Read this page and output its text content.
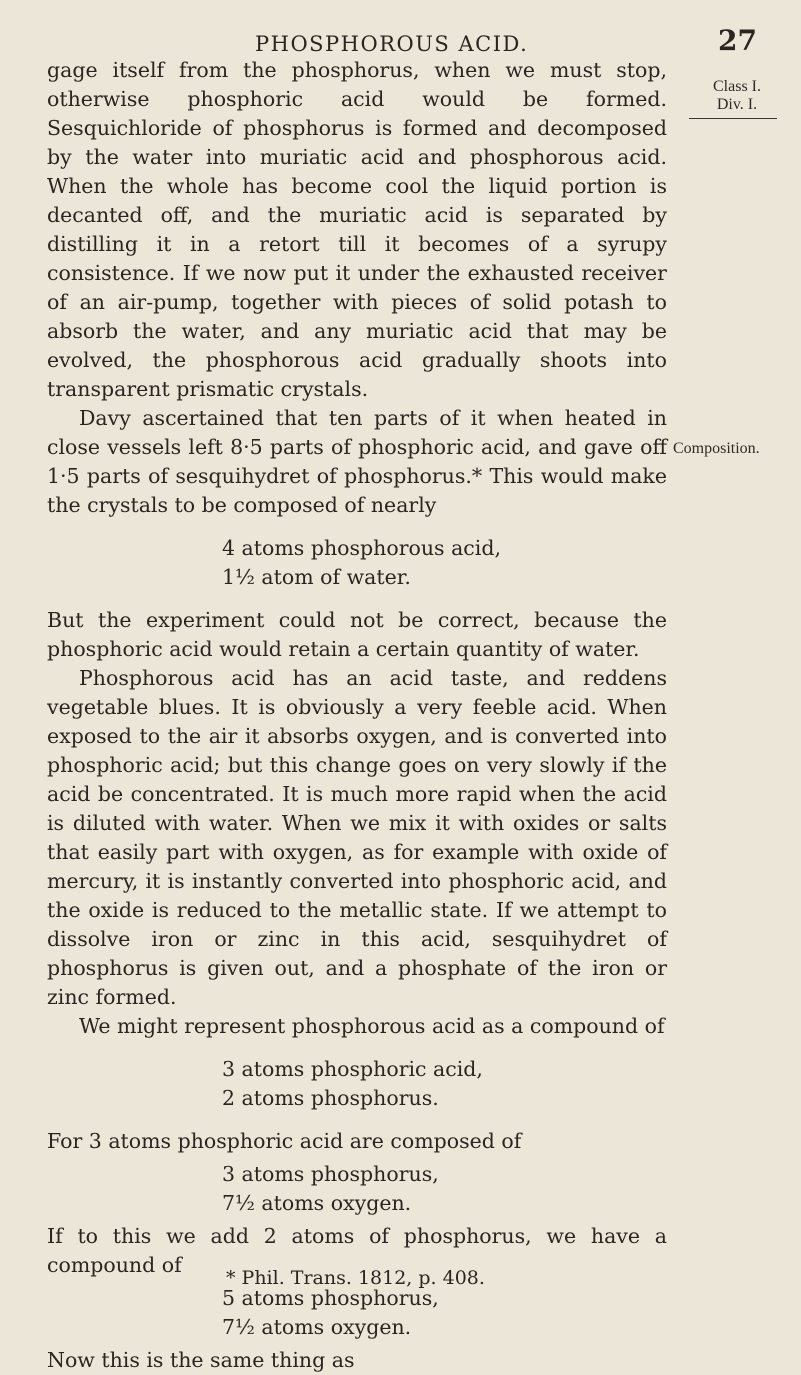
PHOSPHOROUS ACID.	27
Class I.
Div. I.
Composition.

gage itself from the phosphorus, when we must stop, otherwise phosphoric acid would be formed. Sesquichloride of phosphorus is formed and decomposed by the water into muriatic acid and phosphorous acid. When the whole has become cool the liquid portion is decanted off, and the muriatic acid is separated by distilling it in a retort till it becomes of a syrupy consistence. If we now put it under the exhausted receiver of an air-pump, together with pieces of solid potash to absorb the water, and any muriatic acid that may be evolved, the phosphorous acid gradually shoots into transparent prismatic crystals.

Davy ascertained that ten parts of it when heated in close vessels left 8·5 parts of phosphoric acid, and gave off 1·5 parts of sesquihydret of phosphorus.* This would make the crystals to be composed of nearly

4 atoms phosphorous acid,
1½ atom of water.

But the experiment could not be correct, because the phosphoric acid would retain a certain quantity of water.

Phosphorous acid has an acid taste, and reddens vegetable blues. It is obviously a very feeble acid. When exposed to the air it absorbs oxygen, and is converted into phosphoric acid; but this change goes on very slowly if the acid be concentrated. It is much more rapid when the acid is diluted with water. When we mix it with oxides or salts that easily part with oxygen, as for example with oxide of mercury, it is instantly converted into phosphoric acid, and the oxide is reduced to the metallic state. If we attempt to dissolve iron or zinc in this acid, sesquihydret of phosphorus is given out, and a phosphate of the iron or zinc formed.

We might represent phosphorous acid as a compound of

3 atoms phosphoric acid,
2 atoms phosphorus.

For 3 atoms phosphoric acid are composed of

3 atoms phosphorus,
7½ atoms oxygen.

If to this we add 2 atoms of phosphorus, we have a compound of

5 atoms phosphorus,
7½ atoms oxygen.

Now this is the same thing as

* Phil. Trans. 1812, p. 408.
